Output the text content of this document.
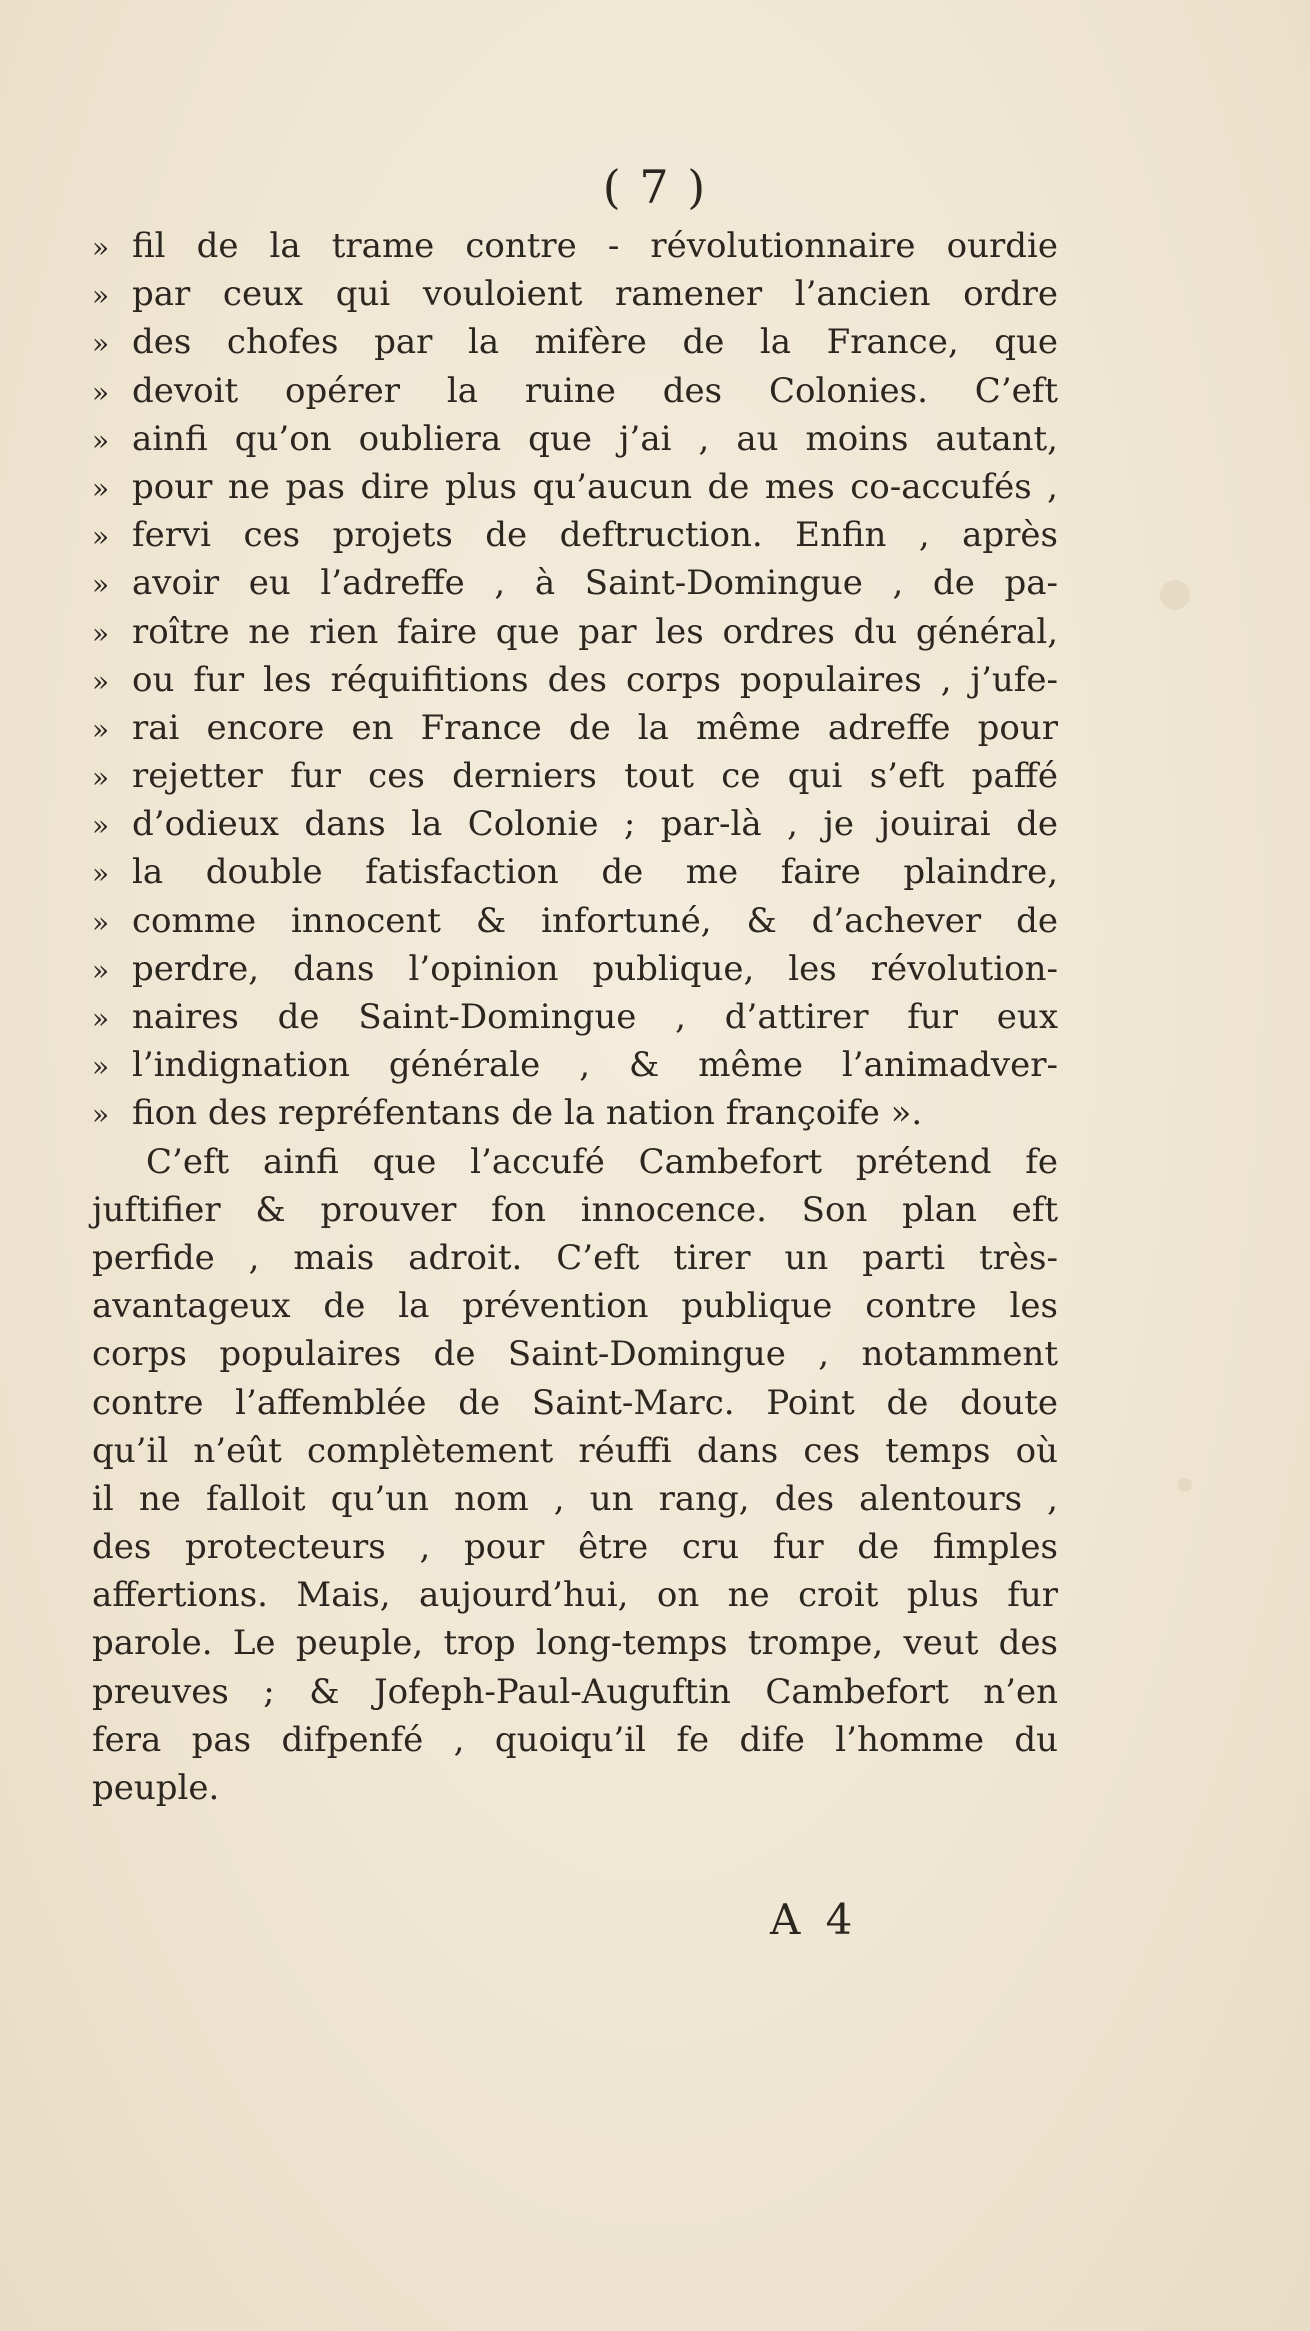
( 7 )
» fil de la trame contre - révolutionnaire ourdie
» par ceux qui vouloient ramener l’ancien ordre
» des chofes par la mifère de la France, que
» devoit opérer la ruine des Colonies. C’eft
» ainfi qu’on oubliera que j’ai , au moins autant,
» pour ne pas dire plus qu’aucun de mes co-accufés ,
» fervi ces projets de deftruction. Enfin , après
» avoir eu l’adreffe , à Saint-Domingue , de pa-
» roître ne rien faire que par les ordres du général,
» ou fur les réquifitions des corps populaires , j’ufe-
» rai encore en France de la même adreffe pour
» rejetter fur ces derniers tout ce qui s’eft paffé
» d’odieux dans la Colonie ; par-là , je jouirai de
» la double fatisfaction de me faire plaindre,
» comme innocent & infortuné, & d’achever de
» perdre, dans l’opinion publique, les révolution-
» naires de Saint-Domingue , d’attirer fur eux
» l’indignation générale , & même l’animadver-
» fion des repréfentans de la nation françoife ».
C’eft ainfi que l’accufé Cambefort prétend fe
juftifier & prouver fon innocence. Son plan eft
perfide , mais adroit. C’eft tirer un parti très-
avantageux de la prévention publique contre les
corps populaires de Saint-Domingue , notamment
contre l’affemblée de Saint-Marc. Point de doute
qu’il n’eût complètement réuffi dans ces temps où
il ne falloit qu’un nom , un rang, des alentours ,
des protecteurs , pour être cru fur de fimples
affertions. Mais, aujourd’hui, on ne croit plus fur
parole. Le peuple, trop long-temps trompe, veut des
preuves ; & Jofeph-Paul-Auguftin Cambefort n’en
fera pas difpenfé , quoiqu’il fe dife l’homme du
peuple.
A 4
